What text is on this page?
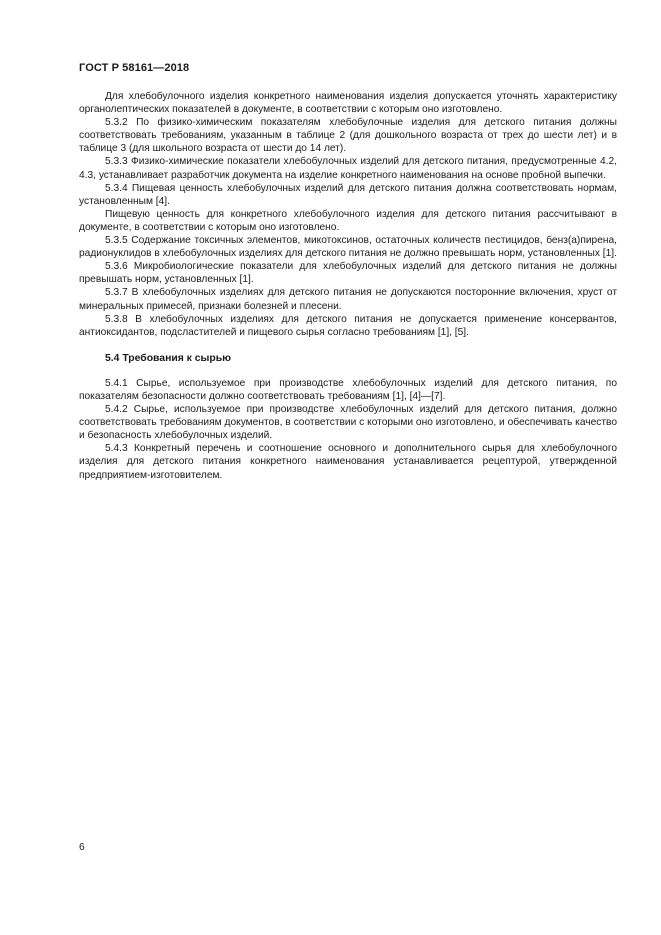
ГОСТ Р 58161—2018

Для хлебобулочного изделия конкретного наименования изделия допускается уточнять характеристику органолептических показателей в документе, в соответствии с которым оно изготовлено.

5.3.2 По физико-химическим показателям хлебобулочные изделия для детского питания должны соответствовать требованиям, указанным в таблице 2 (для дошкольного возраста от трех до шести лет) и в таблице 3 (для школьного возраста от шести до 14 лет).

5.3.3 Физико-химические показатели хлебобулочных изделий для детского питания, предусмотренные 4.2, 4.3, устанавливает разработчик документа на изделие конкретного наименования на основе пробной выпечки.

5.3.4 Пищевая ценность хлебобулочных изделий для детского питания должна соответствовать нормам, установленным [4].

Пищевую ценность для конкретного хлебобулочного изделия для детского питания рассчитывают в документе, в соответствии с которым оно изготовлено.

5.3.5 Содержание токсичных элементов, микотоксинов, остаточных количеств пестицидов, бенз(а)пирена, радионуклидов в хлебобулочных изделиях для детского питания не должно превышать норм, установленных [1].

5.3.6 Микробиологические показатели для хлебобулочных изделий для детского питания не должны превышать норм, установленных [1].

5.3.7 В хлебобулочных изделиях для детского питания не допускаются посторонние включения, хруст от минеральных примесей, признаки болезней и плесени.

5.3.8 В хлебобулочных изделиях для детского питания не допускается применение консервантов, антиоксидантов, подсластителей и пищевого сырья согласно требованиям [1], [5].

5.4 Требования к сырью

5.4.1 Сырье, используемое при производстве хлебобулочных изделий для детского питания, по показателям безопасности должно соответствовать требованиям [1], [4]—[7].

5.4.2 Сырье, используемое при производстве хлебобулочных изделий для детского питания, должно соответствовать требованиям документов, в соответствии с которыми оно изготовлено, и обеспечивать качество и безопасность хлебобулочных изделий.

5.4.3 Конкретный перечень и соотношение основного и дополнительного сырья для хлебобулочного изделия для детского питания конкретного наименования устанавливается рецептурой, утвержденной предприятием-изготовителем.

6
